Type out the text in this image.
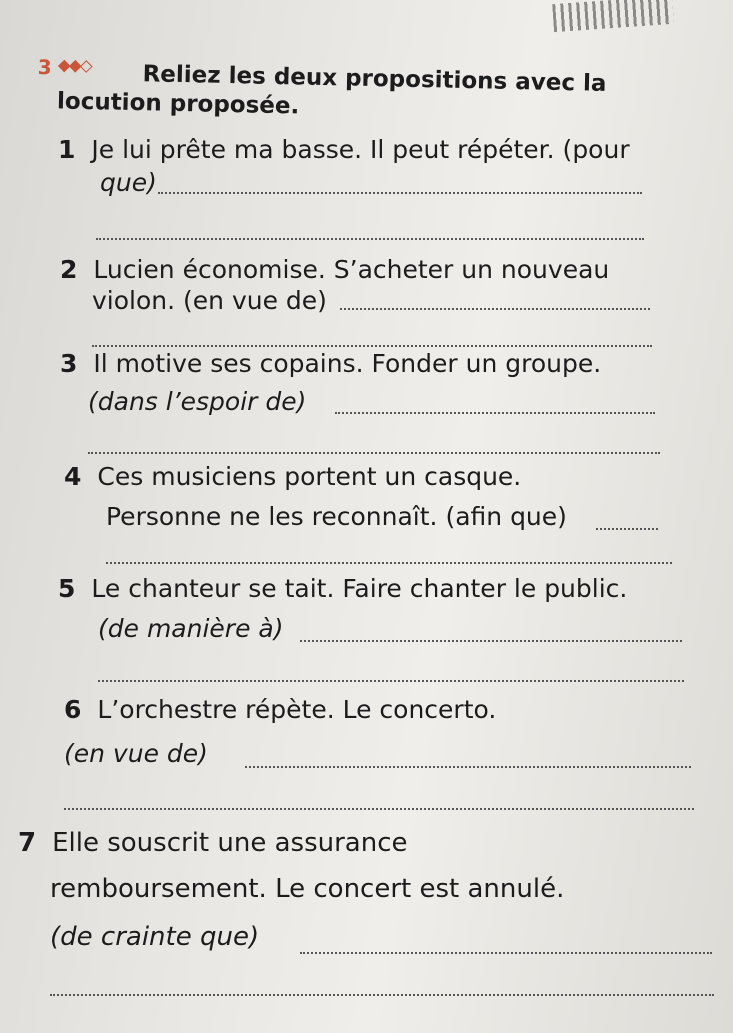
3	Reliez les deux propositions avec la
locution proposée.
1 Je lui prête ma basse. Il peut répéter. (pour
que)
2 Lucien économise. S’acheter un nouveau
violon. (en vue de)
3 Il motive ses copains. Fonder un groupe.
(dans l’espoir de)
4 Ces musiciens portent un casque.
Personne ne les reconnaît. (afin que)
5 Le chanteur se tait. Faire chanter le public.
(de manière à)
6 L’orchestre répète. Le concerto.
(en vue de)
7 Elle souscrit une assurance
remboursement. Le concert est annulé.
(de crainte que)
